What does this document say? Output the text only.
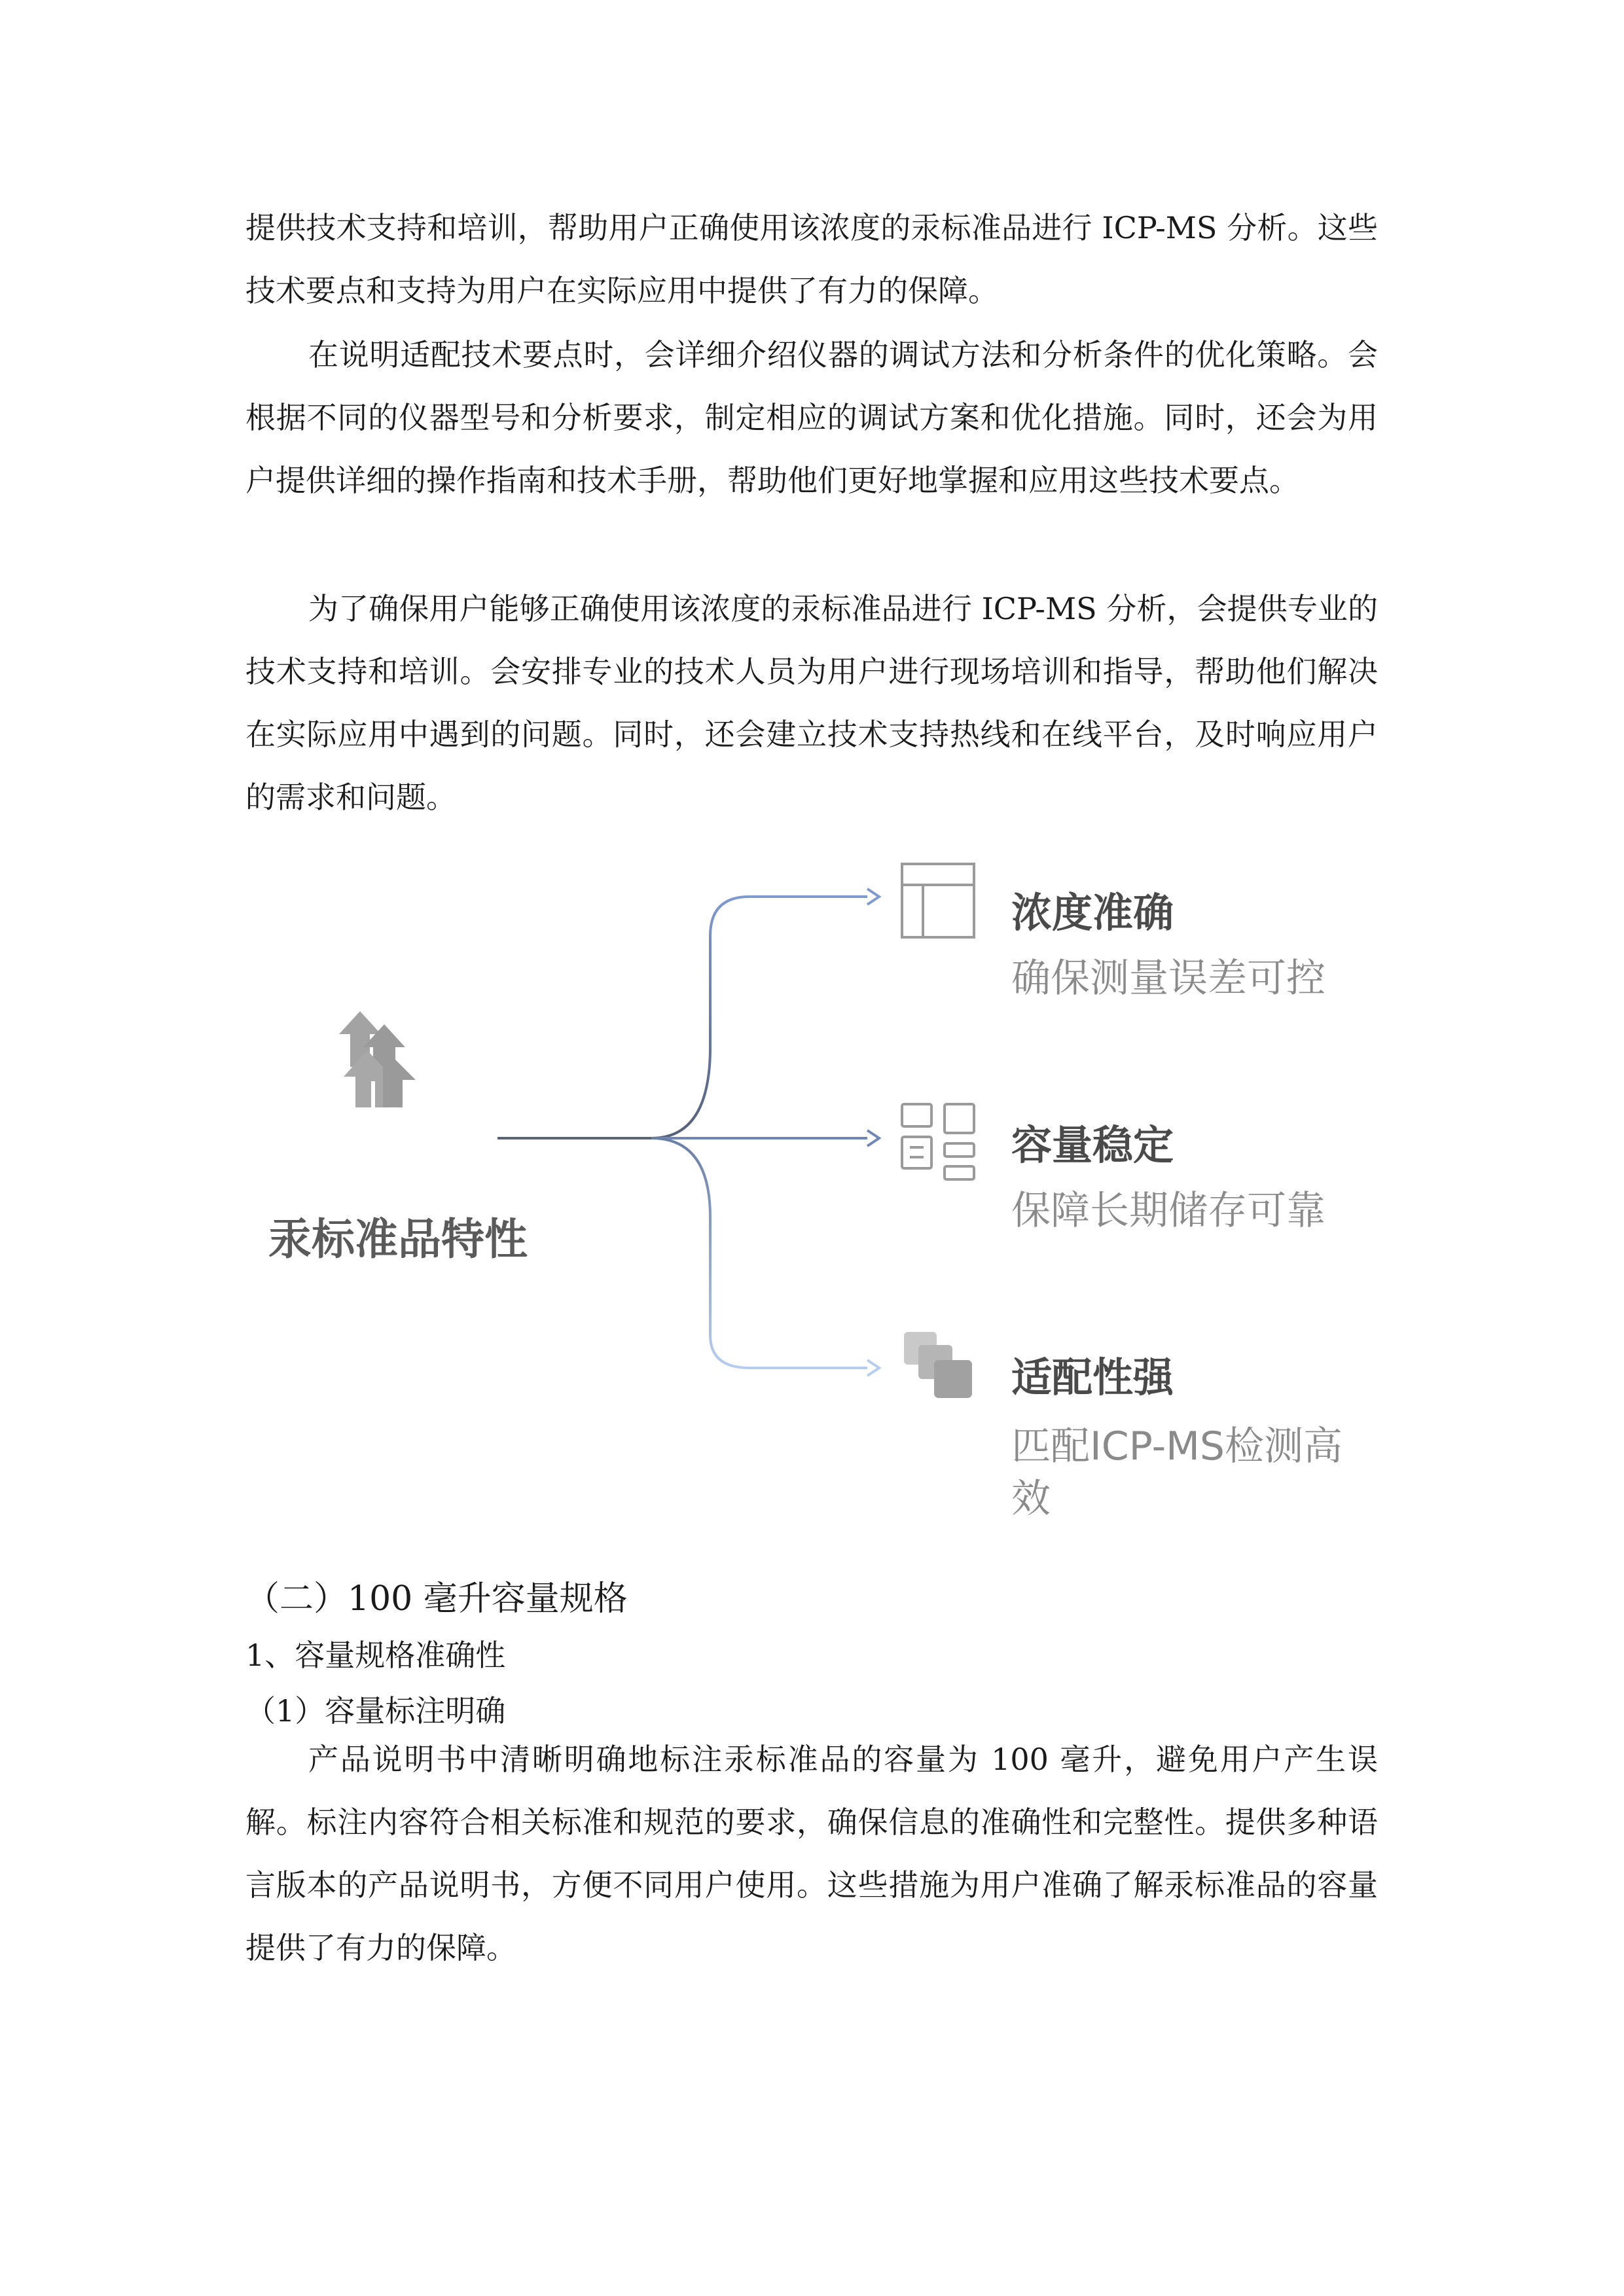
提供技术支持和培训，帮助用户正确使用该浓度的汞标准品进行 ICP-MS 分析。这些技术要点和支持为用户在实际应用中提供了有力的保障。

在说明适配技术要点时，会详细介绍仪器的调试方法和分析条件的优化策略。会根据不同的仪器型号和分析要求，制定相应的调试方案和优化措施。同时，还会为用户提供详细的操作指南和技术手册，帮助他们更好地掌握和应用这些技术要点。

为了确保用户能够正确使用该浓度的汞标准品进行 ICP-MS 分析，会提供专业的技术支持和培训。会安排专业的技术人员为用户进行现场培训和指导，帮助他们解决在实际应用中遇到的问题。同时，还会建立技术支持热线和在线平台，及时响应用户的需求和问题。

汞标准品特性
浓度准确
确保测量误差可控
容量稳定
保障长期储存可靠
适配性强
匹配ICP-MS检测高效

（二）100 毫升容量规格

1、容量规格准确性

（1）容量标注明确

产品说明书中清晰明确地标注汞标准品的容量为 100 毫升，避免用户产生误解。标注内容符合相关标准和规范的要求，确保信息的准确性和完整性。提供多种语言版本的产品说明书，方便不同用户使用。这些措施为用户准确了解汞标准品的容量提供了有力的保障。
